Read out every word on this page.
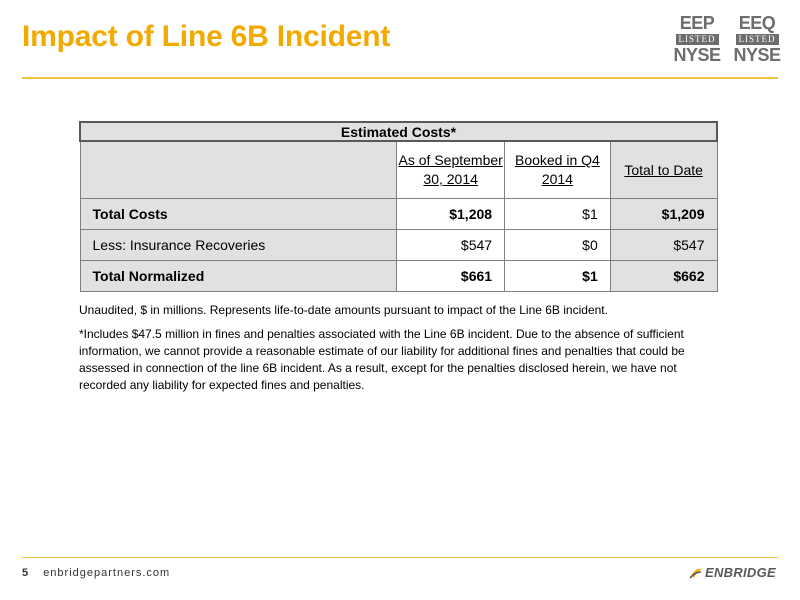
Impact of Line 6B Incident	EEP
LISTED
NYSE
EEQ
LISTED
NYSE
Estimated Costs*			
	As of September 30, 2014	Booked in Q4 2014	Total to Date
Total Costs	$1,208	$1	$1,209
Less: Insurance Recoveries	$547	$0	$547
Total Normalized	$661	$1	$662
Unaudited, $ in millions. Represents life-to-date amounts pursuant to impact of the Line 6B incident.
*Includes $47.5 million in fines and penalties associated with the Line 6B incident. Due to the absence of sufficient information, we cannot provide a reasonable estimate of our liability for additional fines and penalties that could be assessed in connection of the line 6B incident. As a result, except for the penalties disclosed herein, we have not recorded any liability for expected fines and penalties.
5 enbridgepartners.com	ENBRIDGE
